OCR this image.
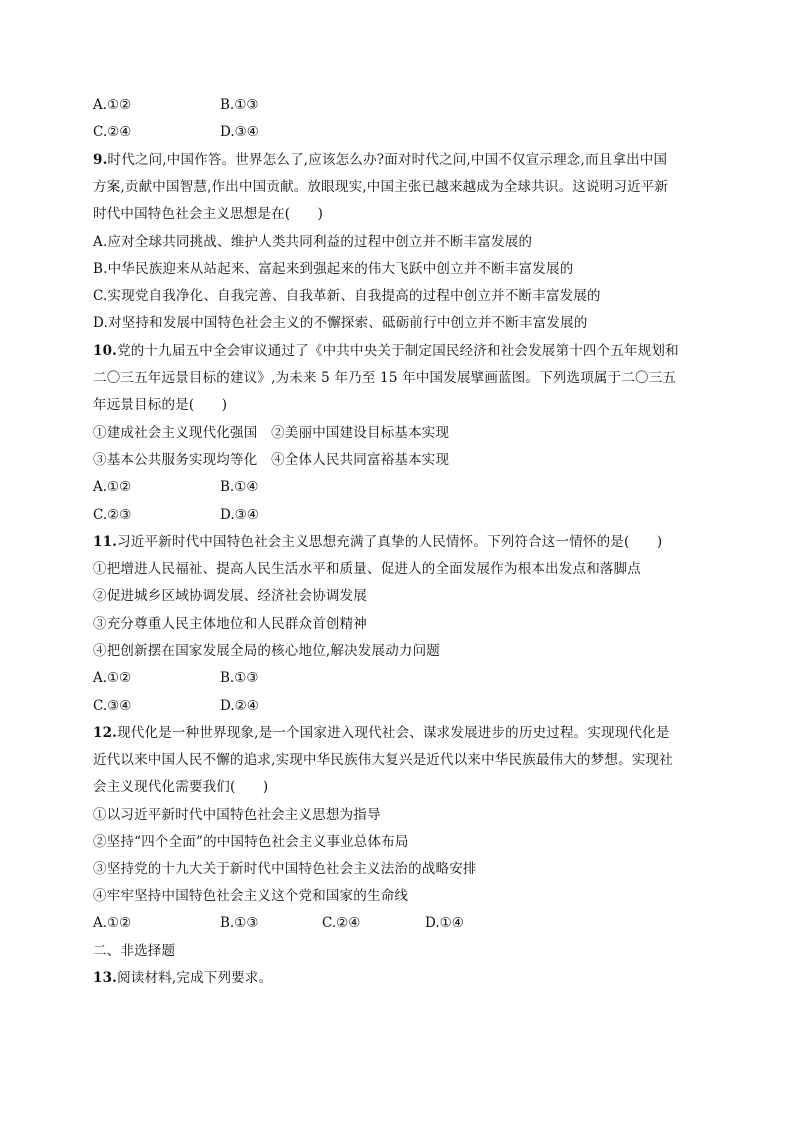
A.①②	B.①③
C.②④	D.③④
9.时代之问,中国作答。世界怎么了,应该怎么办?面对时代之问,中国不仅宣示理念,而且拿出中国
方案,贡献中国智慧,作出中国贡献。放眼现实,中国主张已越来越成为全球共识。这说明习近平新
时代中国特色社会主义思想是在(　　)
A.应对全球共同挑战、维护人类共同利益的过程中创立并不断丰富发展的
B.中华民族迎来从站起来、富起来到强起来的伟大飞跃中创立并不断丰富发展的
C.实现党自我净化、自我完善、自我革新、自我提高的过程中创立并不断丰富发展的
D.对坚持和发展中国特色社会主义的不懈探索、砥砺前行中创立并不断丰富发展的
10.党的十九届五中全会审议通过了《中共中央关于制定国民经济和社会发展第十四个五年规划和
二〇三五年远景目标的建议》,为未来 5 年乃至 15 年中国发展擘画蓝图。下列选项属于二〇三五
年远景目标的是(　　)
①建成社会主义现代化强国　②美丽中国建设目标基本实现
③基本公共服务实现均等化　④全体人民共同富裕基本实现
A.①②	B.①④
C.②③	D.③④
11.习近平新时代中国特色社会主义思想充满了真挚的人民情怀。下列符合这一情怀的是(　　)
①把增进人民福祉、提高人民生活水平和质量、促进人的全面发展作为根本出发点和落脚点
②促进城乡区域协调发展、经济社会协调发展
③充分尊重人民主体地位和人民群众首创精神
④把创新摆在国家发展全局的核心地位,解决发展动力问题
A.①②	B.①③
C.③④	D.②④
12.现代化是一种世界现象,是一个国家进入现代社会、谋求发展进步的历史过程。实现现代化是
近代以来中国人民不懈的追求,实现中华民族伟大复兴是近代以来中华民族最伟大的梦想。实现社
会主义现代化需要我们(　　)
①以习近平新时代中国特色社会主义思想为指导
②坚持“四个全面”的中国特色社会主义事业总体布局
③坚持党的十九大关于新时代中国特色社会主义法治的战略安排
④牢牢坚持中国特色社会主义这个党和国家的生命线
A.①②	B.①③	C.②④	D.①④
二、非选择题
13.阅读材料,完成下列要求。
